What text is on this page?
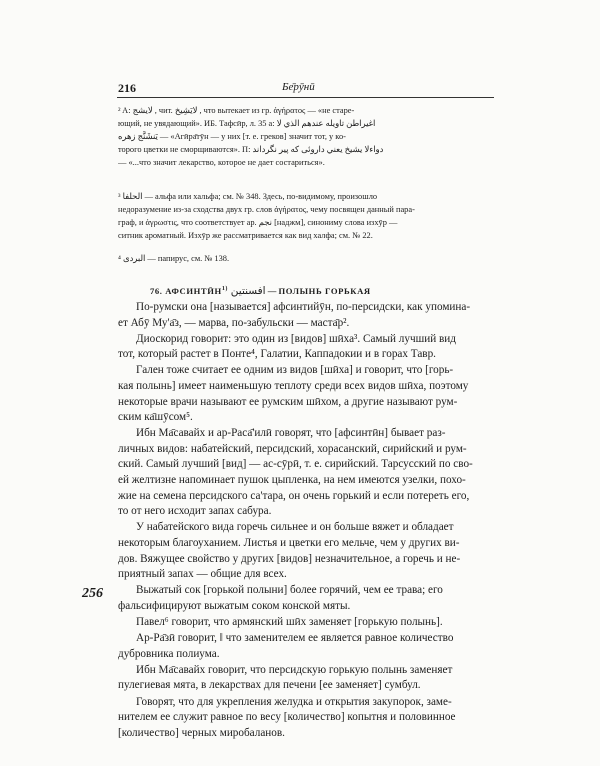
216	Бе̄рӯнӣ
² A: لايشج , чит. لايَشِيخ , что вытекает из гр. ἀγήρατος — «не старе-
ющий, не увядающий». ИБ. Тафсӣр, л. 35 а: اغیراطن تاويله عندهم الذي لا
يَنشَنَّج زهره — «Агӣра̄тӯн — у них [т. е. греков] значит тот, у ко-
торого цветки не сморщиваются». П: دواءلا يشيخ يعني داروئی که پیر نگرداند
— «...что значит лекарство, которое не дает состариться».
³ الحلفا — альфа или хальфа; см. № 348. Здесь, по-видимому, произошло
недоразумение из-за сходства двух гр. слов ἀγήρατος, чему посвящен данный пара-
граф, и ἀγρωστις, что соответствует ар. نجم [наджм], синониму слова изхӯр —
ситник ароматный. Изхӯр же рассматривается как вид халфа; см. № 22.
⁴ البردى — папирус, см. № 138.
76. АФСИНТӢН$^{1)}$ افسنتين — ПОЛЫНЬ ГОРЬКАЯ
256
По-румски она [называется] афсинтийӯн, по-персидски, как упомина-
ет Абӯ Му'а̄з, — марва, по-забульски — маста̄р².
Диоскорид говорит: это один из [видов] шӣха³. Самый лучший вид
тот, который растет в Понте⁴, Галатии, Каппадокии и в горах Тавр.
Гален тоже считает ее одним из видов [шӣха] и говорит, что [горь-
кая полынь] имеет наименьшую теплоту среди всех видов шӣха, поэтому
некоторые врачи называют ее румским шӣхом, а другие называют рум-
ским ка̄шӯсом⁵.
Ибн Ма̄савайх и ар-Раса̄'илӣ говорят, что [афсинтӣн] бывает раз-
личных видов: набатейский, персидский, хорасанский, сирийский и рум-
ский. Самый лучший [вид] — ас-сӯрӣ, т. е. сирийский. Тарсусский по сво-
ей желтизне напоминает пушок цыпленка, на нем имеются узелки, похо-
жие на семена персидского са'тара, он очень горький и если потереть его,
то от него исходит запах сабура.
У набатейского вида горечь сильнее и он больше вяжет и обладает
некоторым благоуханием. Листья и цветки его мельче, чем у других ви-
дов. Вяжущее свойство у других [видов] незначительное, а горечь и не-
приятный запах — общие для всех.
Выжатый сок [горькой полыни] более горячий, чем ее трава; его
фальсифицируют выжатым соком конской мяты.
Павел⁶ говорит, что армянский шӣх заменяет [горькую полынь].
Ар-Ра̄зӣ говорит, ‖ что заменителем ее является равное количество
дубровника полиума.
Ибн Ма̄савайх говорит, что персидскую горькую полынь заменяет
пулегиевая мята, в лекарствах для печени [ее заменяет] сумбул.
Говорят, что для укрепления желудка и открытия закупорок, заме-
нителем ее служит равное по весу [количество] копытня и половинное
[количество] черных миробаланов.
